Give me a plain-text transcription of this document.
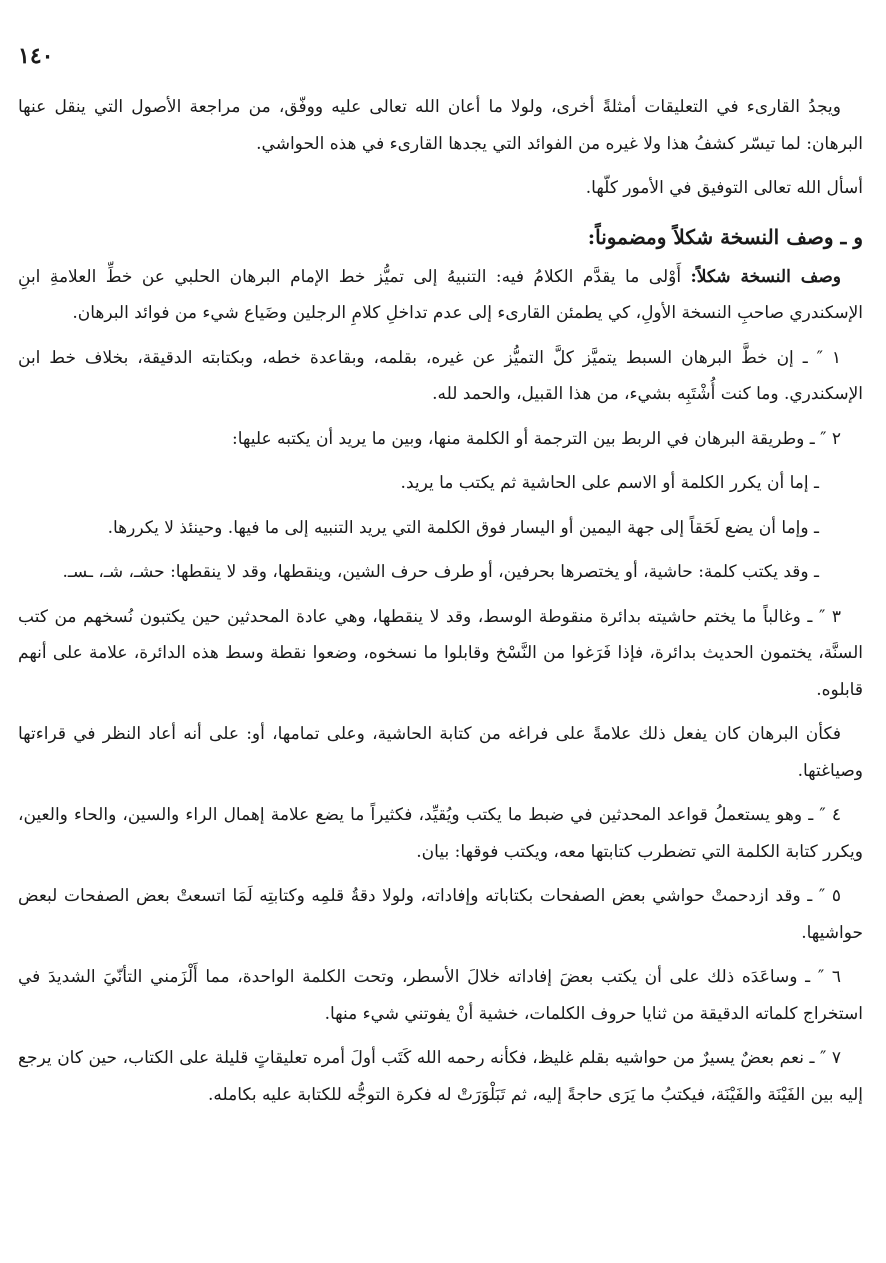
١٤٠

ويجدُ القارىء في التعليقات أمثلةً أخرى، ولولا ما أعان الله تعالى عليه ووفّق، من مراجعة الأصول التي ينقل عنها البرهان: لما تيسّر كشفُ هذا ولا غيره من الفوائد التي يجدها القارىء في هذه الحواشي.

أسأل الله تعالى التوفيق في الأمور كلّها.

و ـ وصف النسخة شكلاً ومضموناً:

وصف النسخة شكلاً: أَوْلى ما يقدَّم الكلامُ فيه: التنبيهُ إلى تميُّز خط الإمام البرهان الحلبي عن خطِّ العلامةِ ابنِ الإسكندري صاحبِ النسخة الأولِ، كي يطمئن القارىء إلى عدم تداخلِ كلامِ الرجلين وضَياع شيء من فوائد البرهان.

١ ″ ـ إن خطَّ البرهان السبط يتميَّز كلَّ التميُّز عن غيره، بقلمه، وبقاعدة خطه، وبكتابته الدقيقة، بخلاف خط ابن الإسكندري. وما كنت أُشْتَبِه بشيء، من هذا القبيل، والحمد لله.

٢ ″ ـ وطريقة البرهان في الربط بين الترجمة أو الكلمة منها، وبين ما يريد أن يكتبه عليها:

ـ إما أن يكرر الكلمة أو الاسم على الحاشية ثم يكتب ما يريد.

ـ وإما أن يضع لَحَقاً إلى جهة اليمين أو اليسار فوق الكلمة التي يريد التنبيه إلى ما فيها. وحينئذ لا يكررها.

ـ وقد يكتب كلمة: حاشية، أو يختصرها بحرفين، أو طرف حرف الشين، وينقطها، وقد لا ينقطها: حشـ، شـ، ـسـ.

٣ ″ ـ وغالباً ما يختم حاشيته بدائرة منقوطة الوسط، وقد لا ينقطها، وهي عادة المحدثين حين يكتبون نُسخهم من كتب السنَّة، يختمون الحديث بدائرة، فإذا فَرَغوا من النَّسْخ وقابلوا ما نسخوه، وضعوا نقطة وسط هذه الدائرة، علامة على أنهم قابلوه.

فكأن البرهان كان يفعل ذلك علامةً على فراغه من كتابة الحاشية، وعلى تمامها، أو: على أنه أعاد النظر في قراءتها وصياغتها.

٤ ″ ـ وهو يستعملُ قواعد المحدثين في ضبط ما يكتب ويُقيِّد، فكثيراً ما يضع علامة إهمال الراء والسين، والحاء والعين، ويكرر كتابة الكلمة التي تضطرب كتابتها معه، ويكتب فوقها: بيان.

٥ ″ ـ وقد ازدحمتْ حواشي بعض الصفحات بكتاباته وإفاداته، ولولا دقةُ قلمِه وكتابتِه لَمَا اتسعتْ بعض الصفحات لبعض حواشيها.

٦ ″ ـ وساعَدَه ذلك على أن يكتب بعضَ إفاداته خلالَ الأسطر، وتحت الكلمة الواحدة، مما أَلْزَمني التأنّيَ الشديدَ في استخراج كلماته الدقيقة من ثنايا حروف الكلمات، خشية أنْ يفوتني شيء منها.

٧ ″ ـ نعم بعضٌ يسيرٌ من حواشيه بقلم غليظ، فكأنه رحمه الله كَتَب أولَ أمره تعليقاتٍ قليلة على الكتاب، حين كان يرجع إليه بين الفَيْنَة والفَيْنَة، فيكتبُ ما يَرَى حاجةً إليه، ثم تَبَلْوَرَتْ له فكرة التوجُّه للكتابة عليه بكامله.
